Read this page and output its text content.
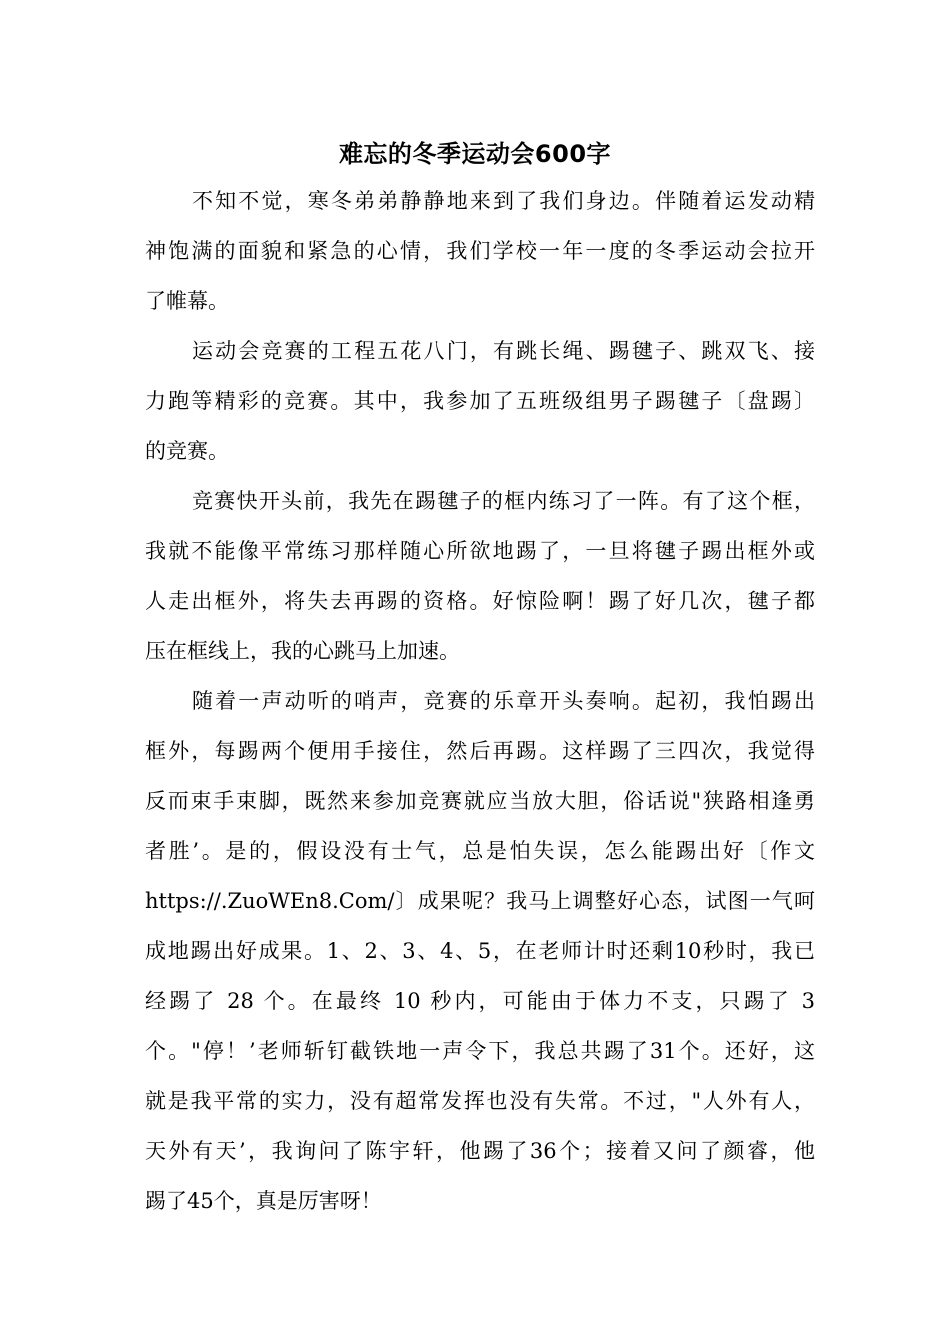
难忘的冬季运动会600字
不知不觉，寒冬弟弟静静地来到了我们身边。伴随着运发动精
神饱满的面貌和紧急的心情，我们学校一年一度的冬季运动会拉开
了帷幕。
运动会竞赛的工程五花八门，有跳长绳、踢毽子、跳双飞、接
力跑等精彩的竞赛。其中，我参加了五班级组男子踢毽子〔盘踢〕
的竞赛。
竞赛快开头前，我先在踢毽子的框内练习了一阵。有了这个框，
我就不能像平常练习那样随心所欲地踢了，一旦将毽子踢出框外或
人走出框外，将失去再踢的资格。好惊险啊！踢了好几次，毽子都
压在框线上，我的心跳马上加速。
随着一声动听的哨声，竞赛的乐章开头奏响。起初，我怕踢出
框外，每踢两个便用手接住，然后再踢。这样踢了三四次，我觉得
反而束手束脚，既然来参加竞赛就应当放大胆，俗话说"狭路相逢勇
者胜’。是的，假设没有士气，总是怕失误，怎么能踢出好〔作文
https://.ZuoWEn8.Com/〕成果呢？我马上调整好心态，试图一气呵
成地踢出好成果。1、2、3、4、5，在老师计时还剩10秒时，我已
经踢了 28 个。在最终 10 秒内，可能由于体力不支，只踢了 3
个。"停！’老师斩钉截铁地一声令下，我总共踢了31个。还好，这
就是我平常的实力，没有超常发挥也没有失常。不过，"人外有人，
天外有天’，我询问了陈宇轩，他踢了36个；接着又问了颜睿，他
踢了45个，真是厉害呀！
